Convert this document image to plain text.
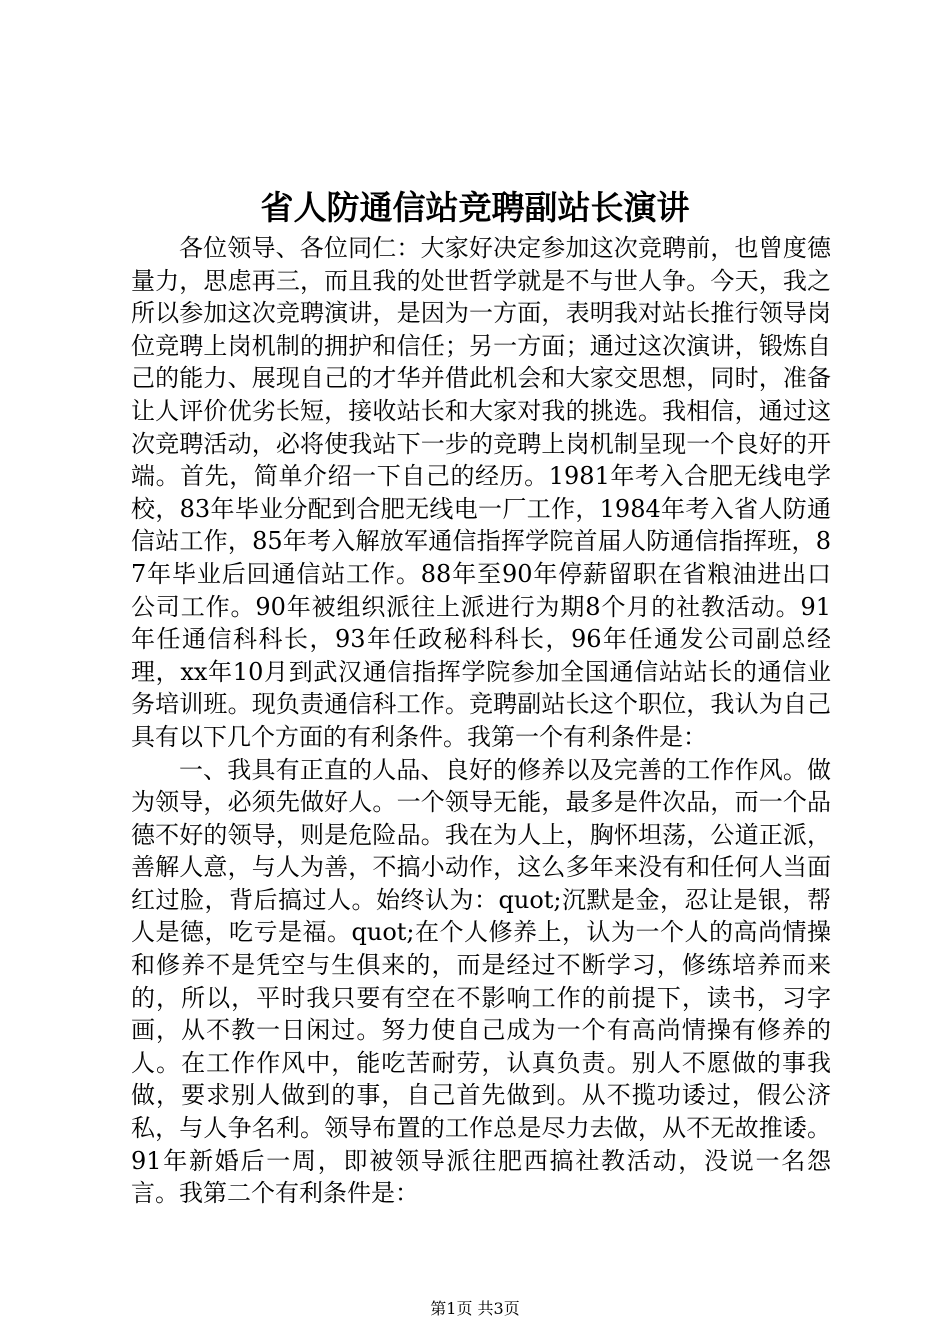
省人防通信站竞聘副站长演讲

各位领导、各位同仁：大家好决定参加这次竞聘前，也曾度德量力，思虑再三，而且我的处世哲学就是不与世人争。今天，我之所以参加这次竞聘演讲，是因为一方面，表明我对站长推行领导岗位竞聘上岗机制的拥护和信任；另一方面；通过这次演讲，锻炼自己的能力、展现自己的才华并借此机会和大家交思想，同时，准备让人评价优劣长短，接收站长和大家对我的挑选。我相信，通过这次竞聘活动，必将使我站下一步的竞聘上岗机制呈现一个良好的开端。首先，简单介绍一下自己的经历。1981年考入合肥无线电学校，83年毕业分配到合肥无线电一厂工作，1984年考入省人防通信站工作，85年考入解放军通信指挥学院首届人防通信指挥班，87年毕业后回通信站工作。88年至90年停薪留职在省粮油进出口公司工作。90年被组织派往上派进行为期8个月的社教活动。91年任通信科科长，93年任政秘科科长，96年任通发公司副总经理，xx年10月到武汉通信指挥学院参加全国通信站站长的通信业务培训班。现负责通信科工作。竞聘副站长这个职位，我认为自己具有以下几个方面的有利条件。我第一个有利条件是：

一、我具有正直的人品、良好的修养以及完善的工作作风。做为领导，必须先做好人。一个领导无能，最多是件次品，而一个品德不好的领导，则是危险品。我在为人上，胸怀坦荡，公道正派，善解人意，与人为善，不搞小动作，这么多年来没有和任何人当面红过脸，背后搞过人。始终认为：quot;沉默是金，忍让是银，帮人是德，吃亏是福。quot;在个人修养上，认为一个人的高尚情操和修养不是凭空与生俱来的，而是经过不断学习，修练培养而来的，所以，平时我只要有空在不影响工作的前提下，读书，习字画，从不教一日闲过。努力使自己成为一个有高尚情操有修养的人。在工作作风中，能吃苦耐劳，认真负责。别人不愿做的事我做，要求别人做到的事，自己首先做到。从不揽功诿过，假公济私，与人争名利。领导布置的工作总是尽力去做，从不无故推诿。91年新婚后一周，即被领导派往肥西搞社教活动，没说一名怨言。我第二个有利条件是：

第1页 共3页
